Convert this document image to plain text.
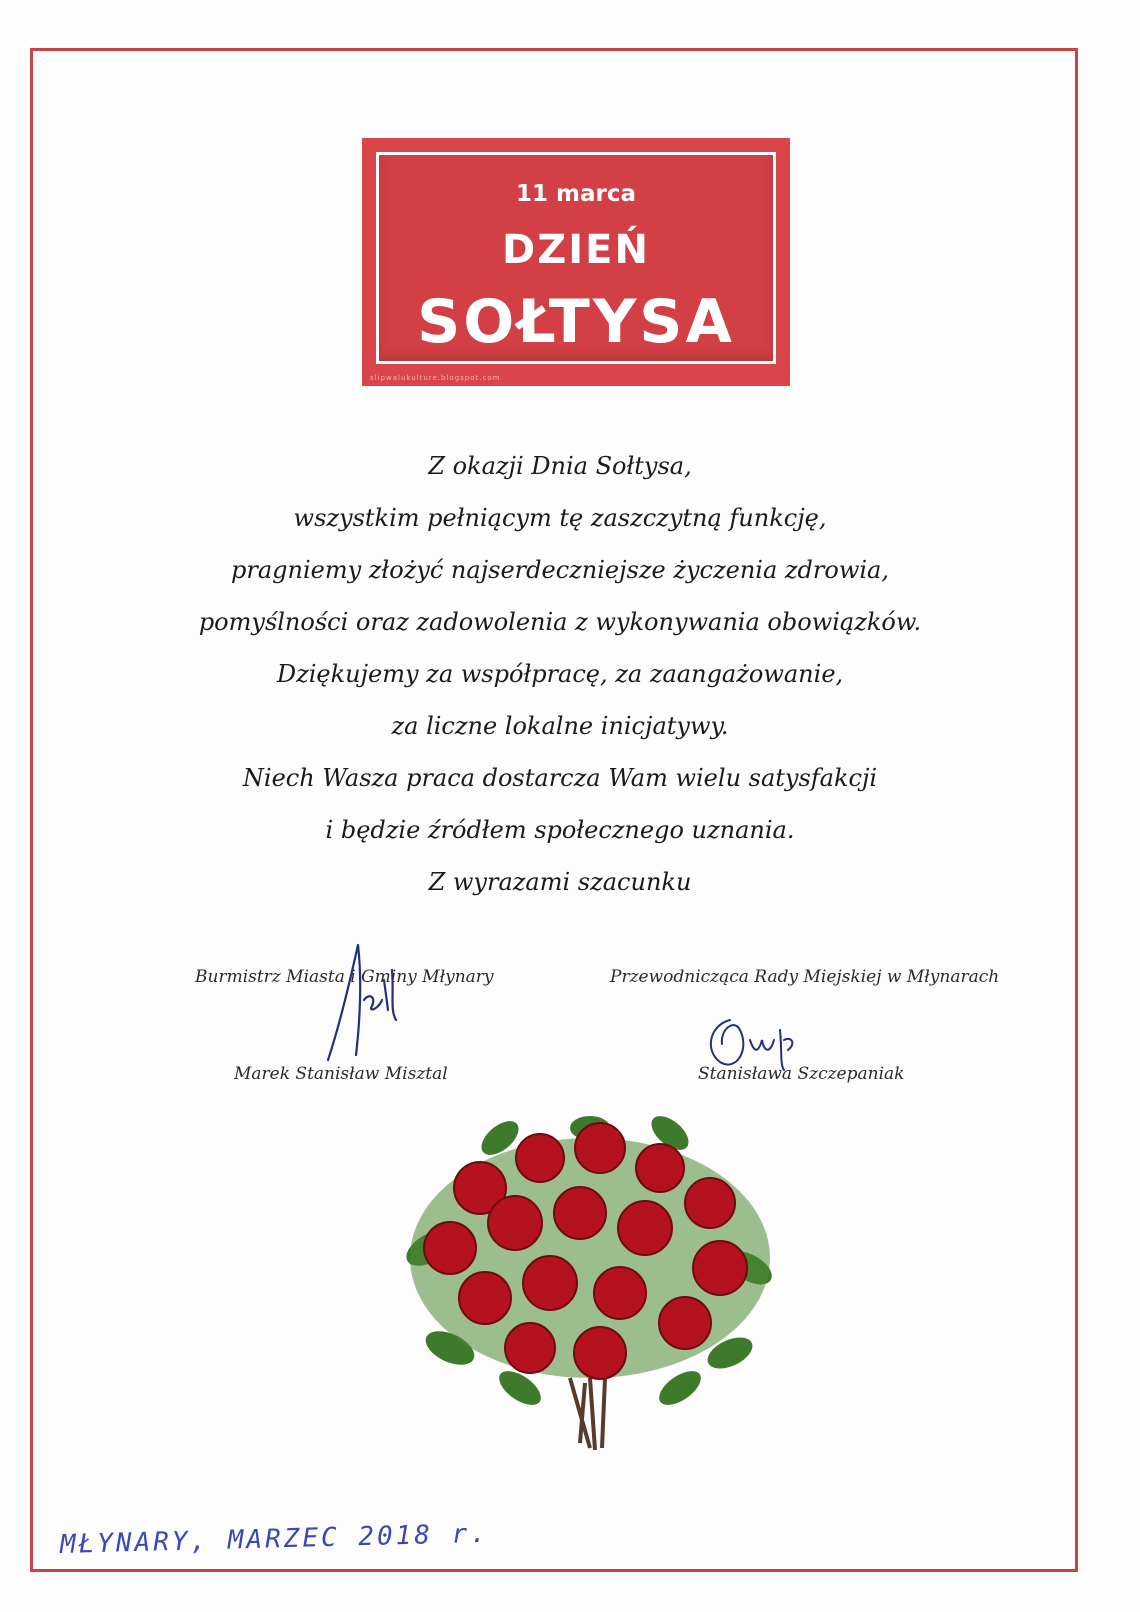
11 marca
DZIEŃ
SOŁTYSA
slipwalukulture.blogspot.com

Z okazji Dnia Sołtysa,

wszystkim pełniącym tę zaszczytną funkcję,

pragniemy złożyć najserdeczniejsze życzenia zdrowia,

pomyślności oraz zadowolenia z wykonywania obowiązków.

Dziękujemy za współpracę, za zaangażowanie,

za liczne lokalne inicjatywy.

Niech Wasza praca dostarcza Wam wielu satysfakcji

i będzie źródłem społecznego uznania.

Z wyrazami szacunku

Burmistrz Miasta i Gminy Młynary
Marek Stanisław Misztal
Przewodnicząca Rady Miejskiej w Młynarach
Stanisława Szczepaniak
MŁYNARY, MARZEC 2018 r.
